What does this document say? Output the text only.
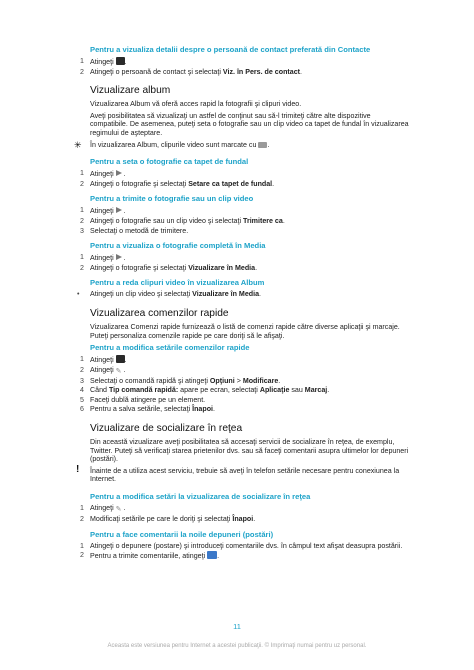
Pentru a vizualiza detalii despre o persoană de contact preferată din Contacte
1 Atingeţi .
2 Atingeţi o persoană de contact şi selectaţi Viz. în Pers. de contact.
Vizualizare album
Vizualizarea Album vă oferă acces rapid la fotografii şi clipuri video.
Aveţi posibilitatea să vizualizaţi un astfel de conţinut sau să-l trimiteţi către alte dispozitive compatibile. De asemenea, puteţi seta o fotografie sau un clip video ca tapet de fundal în vizualizarea regimului de aşteptare.
✳ În vizualizarea Album, clipurile video sunt marcate cu .
Pentru a seta o fotografie ca tapet de fundal
1 Atingeţi .
2 Atingeţi o fotografie şi selectaţi Setare ca tapet de fundal.
Pentru a trimite o fotografie sau un clip video
1 Atingeţi .
2 Atingeţi o fotografie sau un clip video şi selectaţi Trimitere ca.
3 Selectaţi o metodă de trimitere.
Pentru a vizualiza o fotografie completă în Media
1 Atingeţi .
2 Atingeţi o fotografie şi selectaţi Vizualizare în Media.
Pentru a reda clipuri video în vizualizarea Album
• Atingeţi un clip video şi selectaţi Vizualizare în Media.
Vizualizarea comenzilor rapide
Vizualizarea Comenzi rapide furnizează o listă de comenzi rapide către diverse aplicaţii şi marcaje. Puteţi personaliza comenzile rapide pe care doriţi să le afişaţi.
Pentru a modifica setările comenzilor rapide
1 Atingeţi .
2 Atingeţi ✎ .
3 Selectaţi o comandă rapidă şi atingeţi Opţiuni > Modificare.
4 Când Tip comandă rapidă: apare pe ecran, selectaţi Aplicaţie sau Marcaj.
5 Faceţi dublă atingere pe un element.
6 Pentru a salva setările, selectaţi Înapoi.
Vizualizare de socializare în reţea
Din această vizualizare aveţi posibilitatea să accesaţi servicii de socializare în reţea, de exemplu, Twitter. Puteţi să verificaţi starea prietenilor dvs. sau să faceţi comentarii asupra ultimelor lor depuneri (postări).
! Înainte de a utiliza acest serviciu, trebuie să aveţi în telefon setările necesare pentru conexiunea la Internet.
Pentru a modifica setări la vizualizarea de socializare în reţea
1 Atingeţi ✎ .
2 Modificaţi setările pe care le doriţi şi selectaţi Înapoi.
Pentru a face comentarii la noile depuneri (postări)
1 Atingeţi o depunere (postare) şi introduceţi comentariile dvs. în câmpul text afişat deasupra postării.
2 Pentru a trimite comentariile, atingeţi .
11
Aceasta este versiunea pentru Internet a acestei publicaţii. © Imprimaţi numai pentru uz personal.
